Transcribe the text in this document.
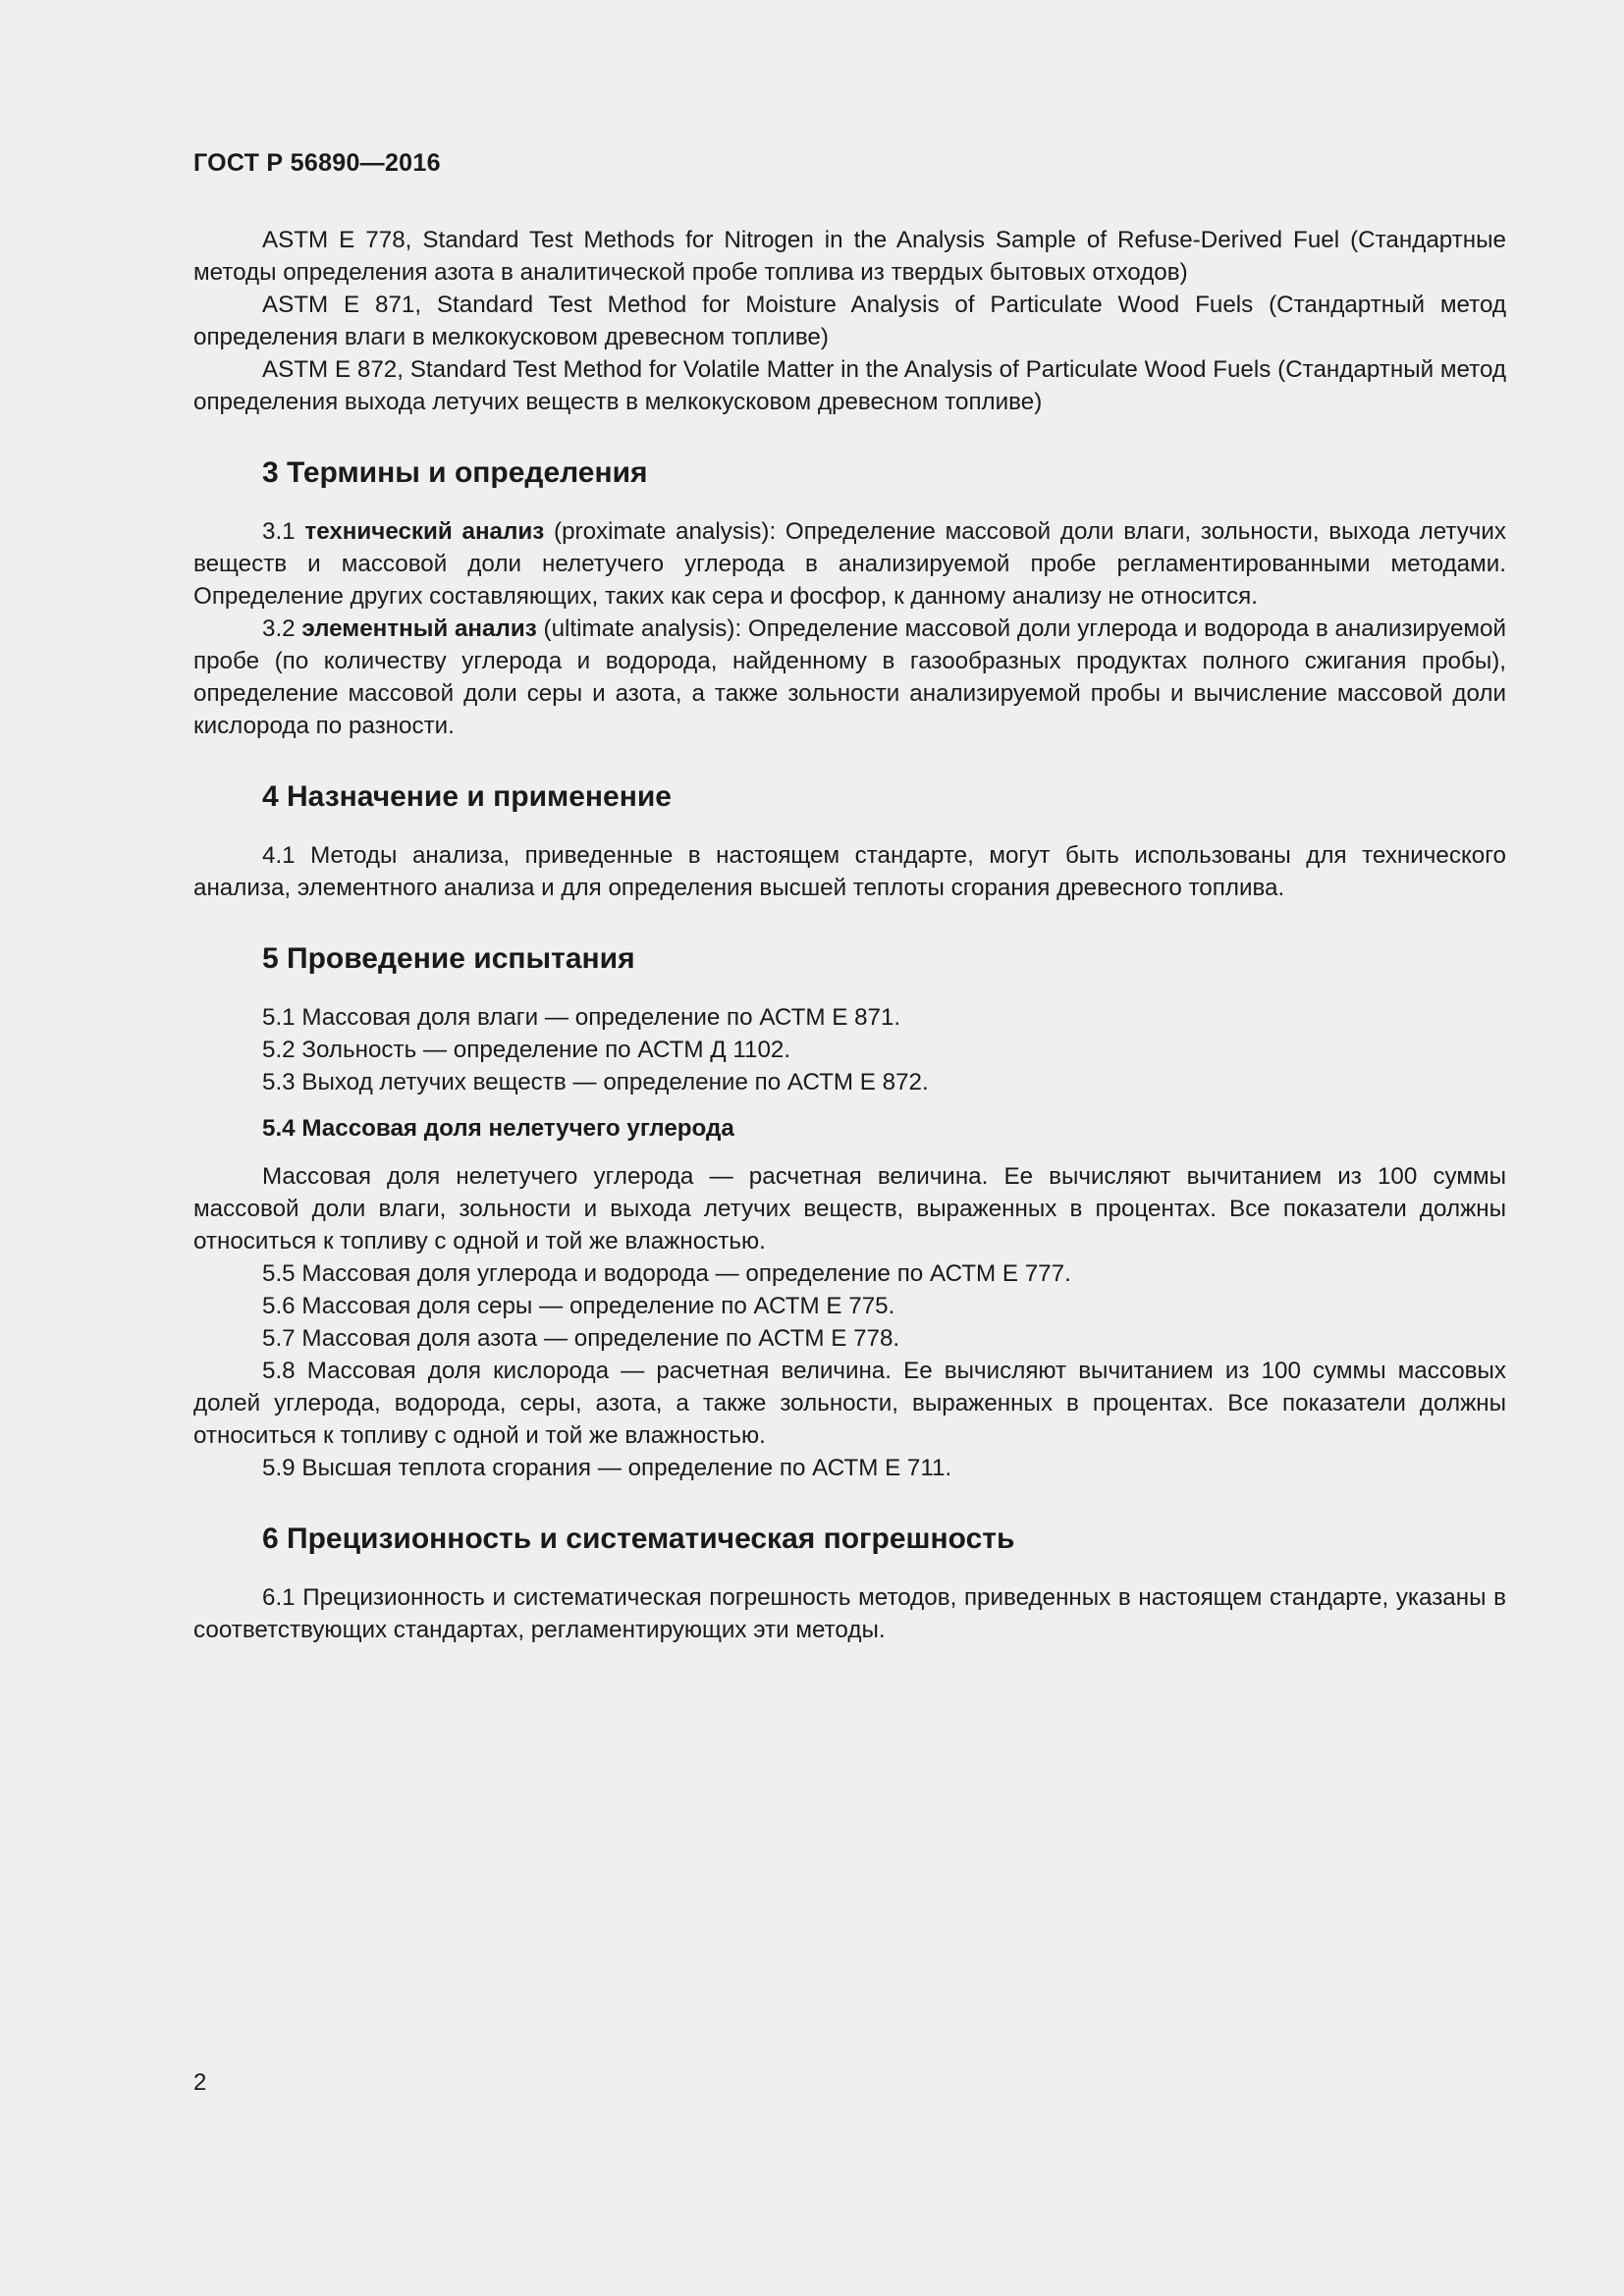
ГОСТ Р 56890—2016

ASTM E 778, Standard Test Methods for Nitrogen in the Analysis Sample of Refuse-Derived Fuel (Стандартные методы определения азота в аналитической пробе топлива из твердых бытовых отходов)

ASTM E 871, Standard Test Method for Moisture Analysis of Particulate Wood Fuels (Стандартный метод определения влаги в мелкокусковом древесном топливе)

ASTM E 872, Standard Test Method for Volatile Matter in the Analysis of Particulate Wood Fuels (Стандартный метод определения выхода летучих веществ в мелкокусковом древесном топливе)

3 Термины и определения

3.1 технический анализ (proximate analysis): Определение массовой доли влаги, зольности, выхода летучих веществ и массовой доли нелетучего углерода в анализируемой пробе регламентированными методами. Определение других составляющих, таких как сера и фосфор, к данному анализу не относится.

3.2 элементный анализ (ultimate analysis): Определение массовой доли углерода и водорода в анализируемой пробе (по количеству углерода и водорода, найденному в газообразных продуктах полного сжигания пробы), определение массовой доли серы и азота, а также зольности анализируемой пробы и вычисление массовой доли кислорода по разности.

4 Назначение и применение

4.1 Методы анализа, приведенные в настоящем стандарте, могут быть использованы для технического анализа, элементного анализа и для определения высшей теплоты сгорания древесного топлива.

5 Проведение испытания

5.1 Массовая доля влаги — определение по АСТМ Е 871.

5.2 Зольность — определение по АСТМ Д 1102.

5.3 Выход летучих веществ — определение по АСТМ Е 872.

5.4 Массовая доля нелетучего углерода

Массовая доля нелетучего углерода — расчетная величина. Ее вычисляют вычитанием из 100 суммы массовой доли влаги, зольности и выхода летучих веществ, выраженных в процентах. Все показатели должны относиться к топливу с одной и той же влажностью.

5.5 Массовая доля углерода и водорода — определение по АСТМ Е 777.

5.6 Массовая доля серы — определение по АСТМ Е 775.

5.7 Массовая доля азота — определение по АСТМ Е 778.

5.8 Массовая доля кислорода — расчетная величина. Ее вычисляют вычитанием из 100 суммы массовых долей углерода, водорода, серы, азота, а также зольности, выраженных в процентах. Все показатели должны относиться к топливу с одной и той же влажностью.

5.9 Высшая теплота сгорания — определение по АСТМ Е 711.

6 Прецизионность и систематическая погрешность

6.1 Прецизионность и систематическая погрешность методов, приведенных в настоящем стандарте, указаны в соответствующих стандартах, регламентирующих эти методы.

2
